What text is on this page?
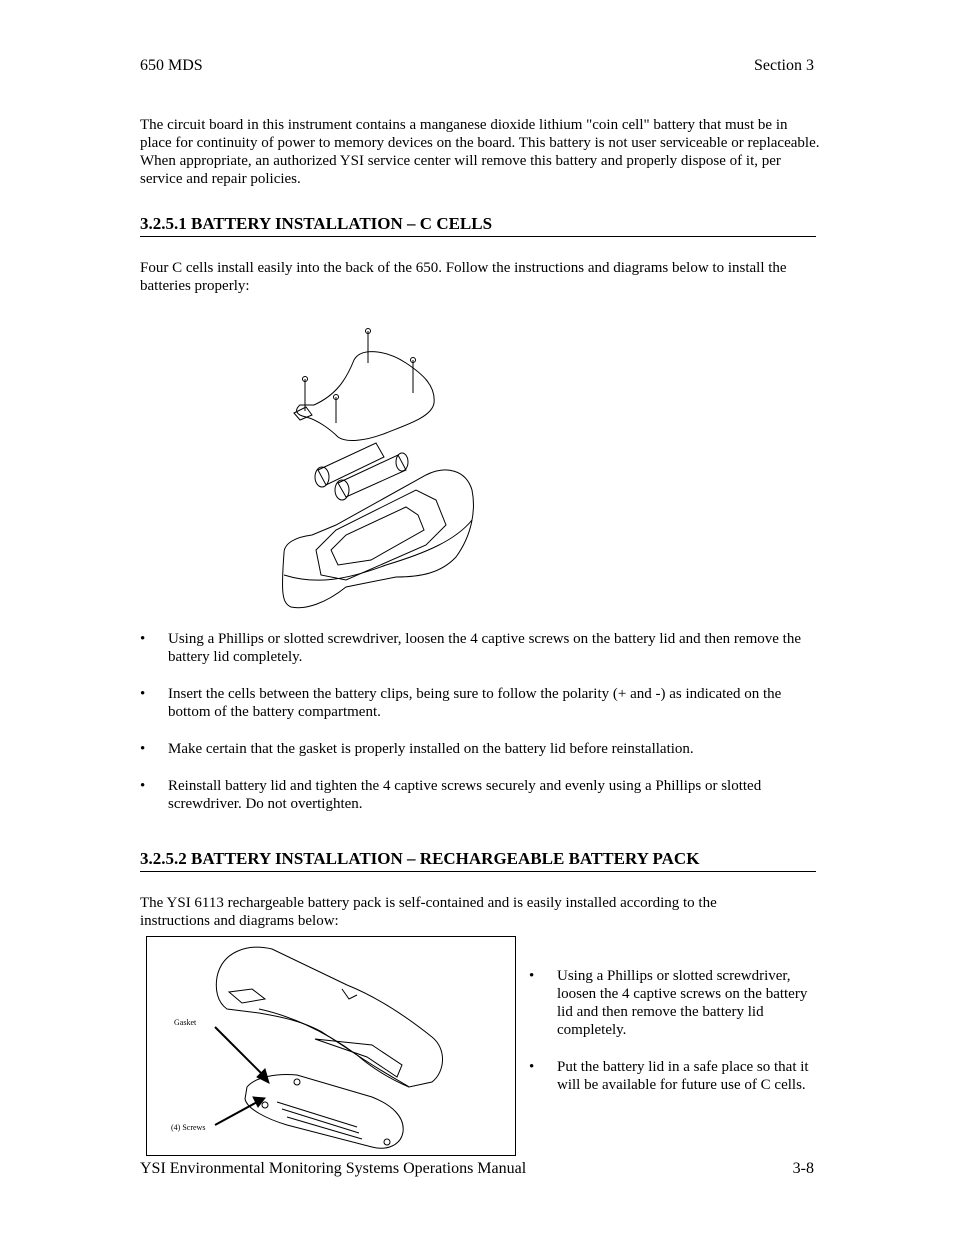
650 MDS	Section 3
The circuit board in this instrument contains a manganese dioxide lithium "coin cell" battery that must be in place for continuity of power to memory devices on the board. This battery is not user serviceable or replaceable. When appropriate, an authorized YSI service center will remove this battery and properly dispose of it, per service and repair policies.
3.2.5.1 BATTERY INSTALLATION – C CELLS
Four C cells install easily into the back of the 650. Follow the instructions and diagrams below to install the batteries properly:
• Using a Phillips or slotted screwdriver, loosen the 4 captive screws on the battery lid and then remove the battery lid completely.
• Insert the cells between the battery clips, being sure to follow the polarity (+ and -) as indicated on the bottom of the battery compartment.
• Make certain that the gasket is properly installed on the battery lid before reinstallation.
• Reinstall battery lid and tighten the 4 captive screws securely and evenly using a Phillips or slotted screwdriver. Do not overtighten.
3.2.5.2 BATTERY INSTALLATION – RECHARGEABLE BATTERY PACK
The YSI 6113 rechargeable battery pack is self-contained and is easily installed according to the instructions and diagrams below:
Gasket
(4) Screws
• Using a Phillips or slotted screwdriver, loosen the 4 captive screws on the battery lid and then remove the battery lid completely.
• Put the battery lid in a safe place so that it will be available for future use of C cells.
YSI Environmental Monitoring Systems Operations Manual	3-8
